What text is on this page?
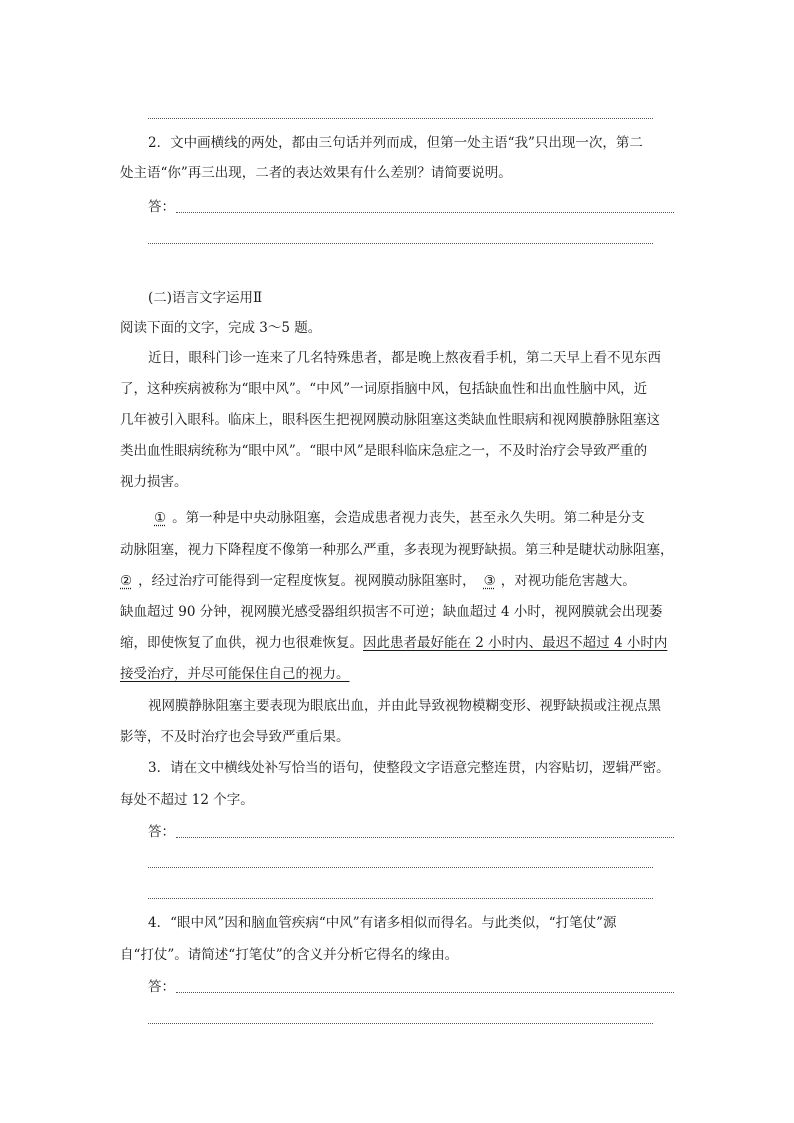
2．文中画横线的两处，都由三句话并列而成，但第一处主语“我”只出现一次，第二
处主语“你”再三出现，二者的表达效果有什么差别？请简要说明。
答：
(二)语言文字运用Ⅱ
阅读下面的文字，完成 3～5 题。
近日，眼科门诊一连来了几名特殊患者，都是晚上熬夜看手机，第二天早上看不见东西
了，这种疾病被称为“眼中风”。“中风”一词原指脑中风，包括缺血性和出血性脑中风，近
几年被引入眼科。临床上，眼科医生把视网膜动脉阻塞这类缺血性眼病和视网膜静脉阻塞这
类出血性眼病统称为“眼中风”。“眼中风”是眼科临床急症之一，不及时治疗会导致严重的
视力损害。
① 。第一种是中央动脉阻塞，会造成患者视力丧失，甚至永久失明。第二种是分支
动脉阻塞，视力下降程度不像第一种那么严重，多表现为视野缺损。第三种是睫状动脉阻塞，
② ，经过治疗可能得到一定程度恢复。视网膜动脉阻塞时， ③ ，对视功能危害越大。
缺血超过 90 分钟，视网膜光感受器组织损害不可逆；缺血超过 4 小时，视网膜就会出现萎
缩，即使恢复了血供，视力也很难恢复。因此患者最好能在 2 小时内、最迟不超过 4 小时内
接受治疗，并尽可能保住自己的视力。
视网膜静脉阻塞主要表现为眼底出血，并由此导致视物模糊变形、视野缺损或注视点黑
影等，不及时治疗也会导致严重后果。
3．请在文中横线处补写恰当的语句，使整段文字语意完整连贯，内容贴切，逻辑严密。
每处不超过 12 个字。
答：
4．“眼中风”因和脑血管疾病“中风”有诸多相似而得名。与此类似，“打笔仗”源
自“打仗”。请简述“打笔仗”的含义并分析它得名的缘由。
答：
